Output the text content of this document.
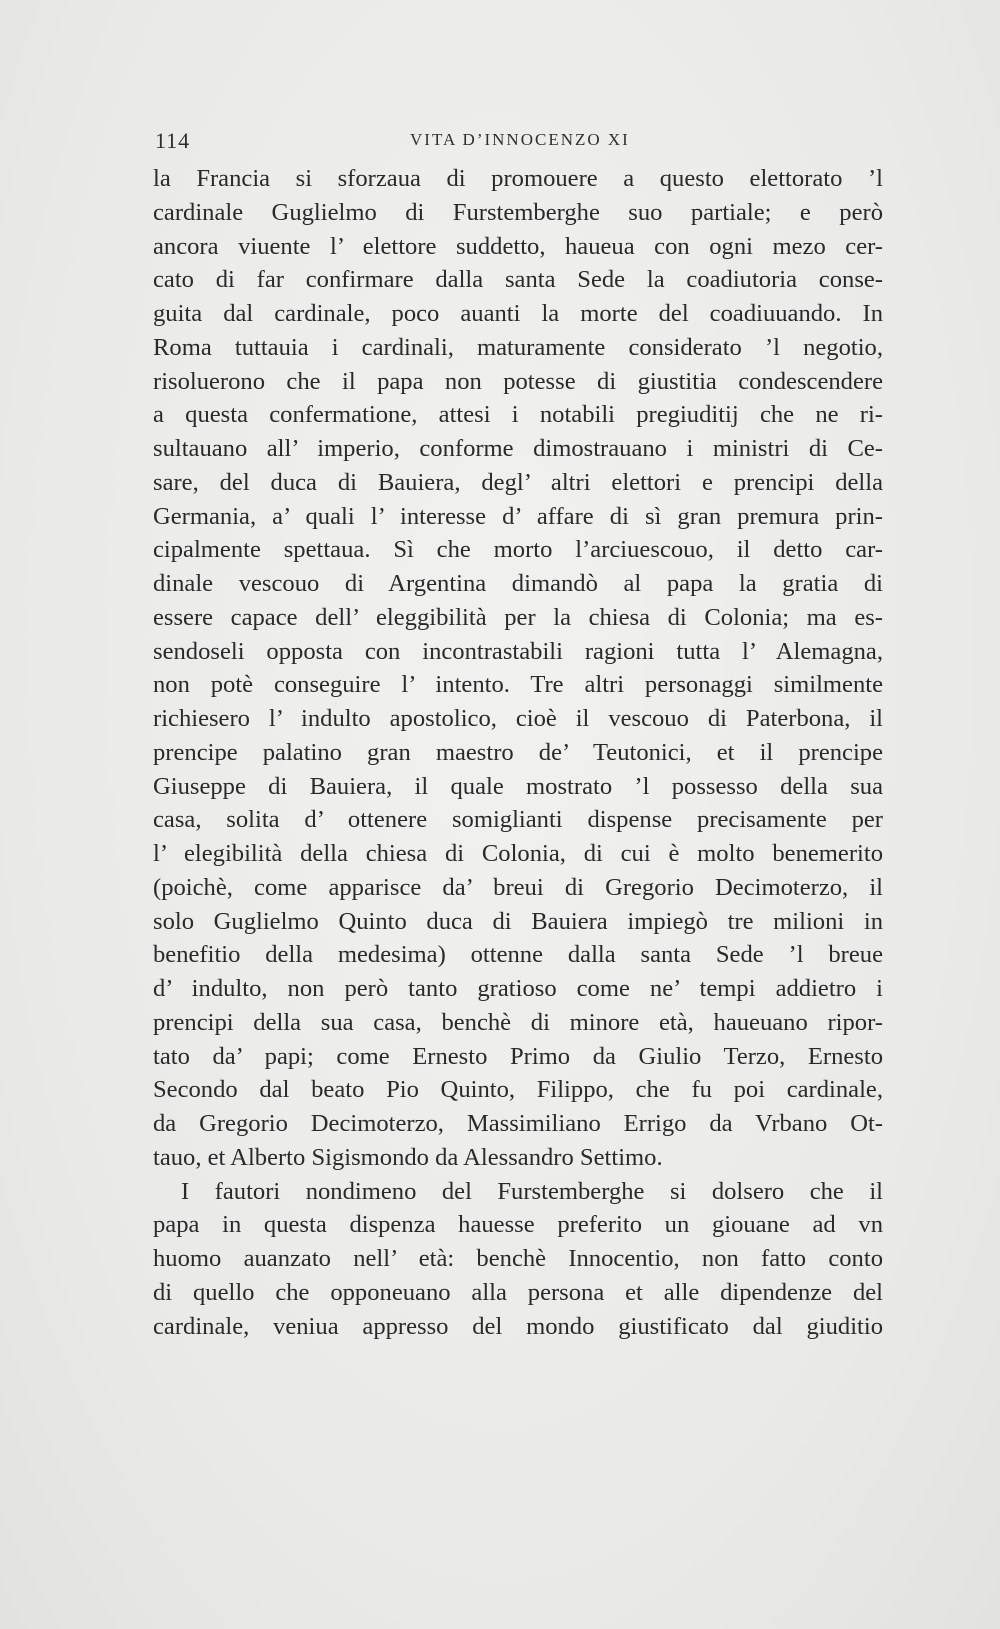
114	VITA D’INNOCENZO XI
la Francia si sforzaua di promouere a questo elettorato ’l
cardinale Guglielmo di Furstemberghe suo partiale; e però
ancora viuente l’ elettore suddetto, haueua con ogni mezo cer-
cato di far confirmare dalla santa Sede la coadiutoria conse-
guita dal cardinale, poco auanti la morte del coadiuuando. In
Roma tuttauia i cardinali, maturamente considerato ’l negotio,
risoluerono che il papa non potesse di giustitia condescendere
a questa confermatione, attesi i notabili pregiuditij che ne ri-
sultauano all’ imperio, conforme dimostrauano i ministri di Ce-
sare, del duca di Bauiera, degl’ altri elettori e prencipi della
Germania, a’ quali l’ interesse d’ affare di sì gran premura prin-
cipalmente spettaua. Sì che morto l’arciuescouo, il detto car-
dinale vescouo di Argentina dimandò al papa la gratia di
essere capace dell’ eleggibilità per la chiesa di Colonia; ma es-
sendoseli opposta con incontrastabili ragioni tutta l’ Alemagna,
non potè conseguire l’ intento. Tre altri personaggi similmente
richiesero l’ indulto apostolico, cioè il vescouo di Paterbona, il
prencipe palatino gran maestro de’ Teutonici, et il prencipe
Giuseppe di Bauiera, il quale mostrato ’l possesso della sua
casa, solita d’ ottenere somiglianti dispense precisamente per
l’ elegibilità della chiesa di Colonia, di cui è molto benemerito
(poichè, come apparisce da’ breui di Gregorio Decimoterzo, il
solo Guglielmo Quinto duca di Bauiera impiegò tre milioni in
benefitio della medesima) ottenne dalla santa Sede ’l breue
d’ indulto, non però tanto gratioso come ne’ tempi addietro i
prencipi della sua casa, benchè di minore età, haueuano ripor-
tato da’ papi; come Ernesto Primo da Giulio Terzo, Ernesto
Secondo dal beato Pio Quinto, Filippo, che fu poi cardinale,
da Gregorio Decimoterzo, Massimiliano Errigo da Vrbano Ot-
tauo, et Alberto Sigismondo da Alessandro Settimo.
I fautori nondimeno del Furstemberghe si dolsero che il
papa in questa dispenza hauesse preferito un giouane ad vn
huomo auanzato nell’ età: benchè Innocentio, non fatto conto
di quello che opponeuano alla persona et alle dipendenze del
cardinale, veniua appresso del mondo giustificato dal giuditio
